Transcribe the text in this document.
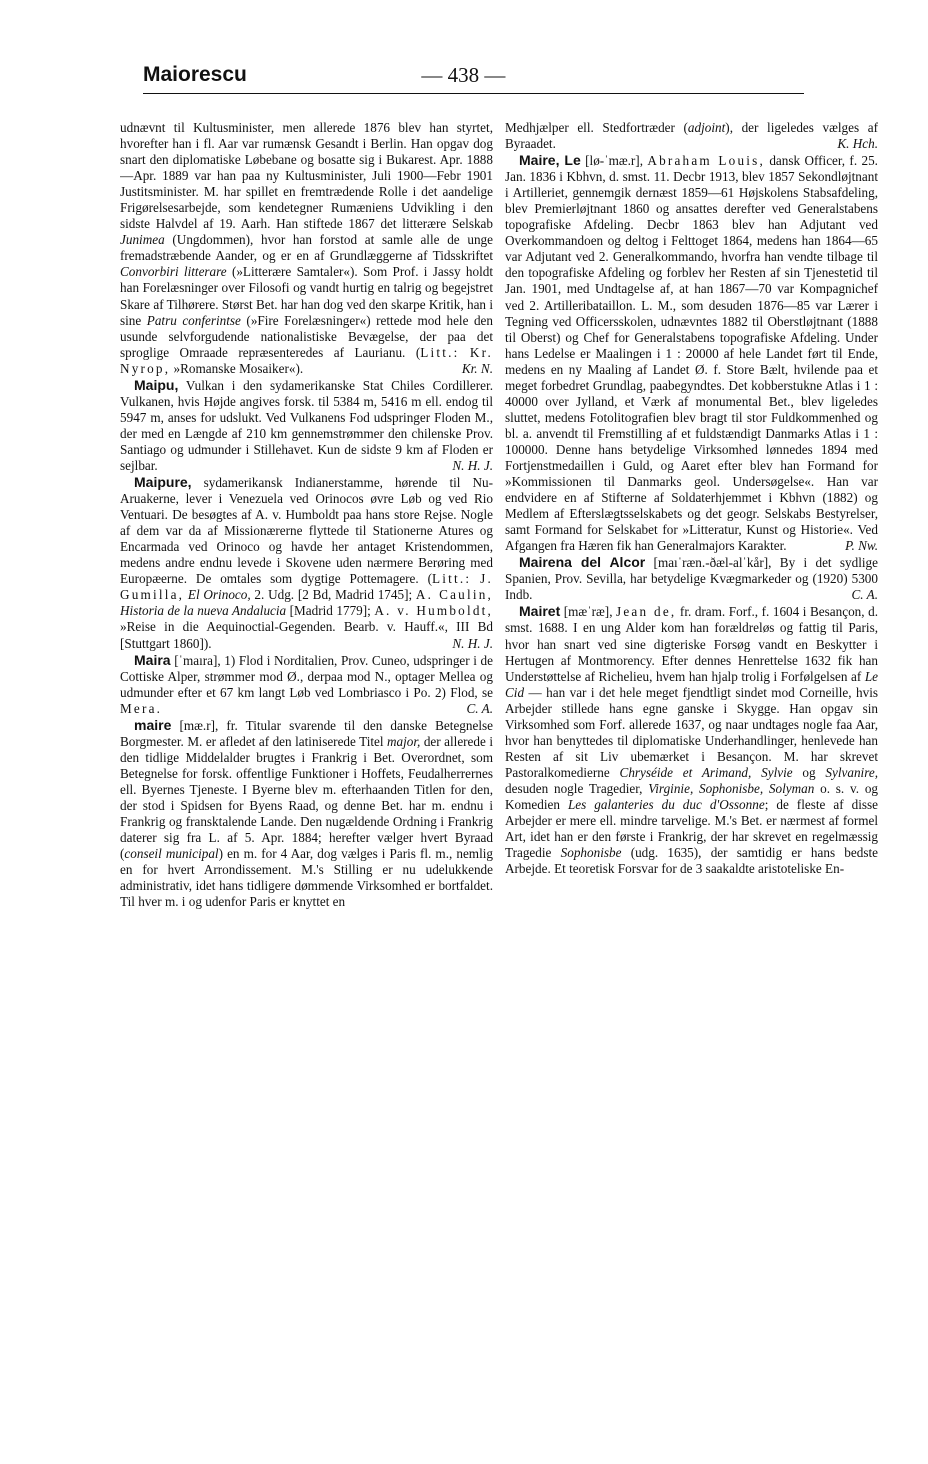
Maiorescu	— 438 —

udnævnt til Kultusminister, men allerede 1876 blev han styrtet, hvorefter han i fl. Aar var rumænsk Gesandt i Berlin. Han opgav dog snart den diplomatiske Løbebane og bosatte sig i Bukarest. Apr. 1888—Apr. 1889 var han paa ny Kultusminister, Juli 1900—Febr 1901 Justitsminister. M. har spillet en fremtrædende Rolle i det aandelige Frigørelsesarbejde, som kendetegner Rumæniens Udvikling i den sidste Halvdel af 19. Aarh. Han stiftede 1867 det litterære Selskab Junimea (Ungdommen), hvor han forstod at samle alle de unge fremadstræbende Aander, og er en af Grundlæggerne af Tidsskriftet Convorbiri litterare (»Litterære Samtaler«). Som Prof. i Jassy holdt han Forelæsninger over Filosofi og vandt hurtig en talrig og begejstret Skare af Tilhørere. Størst Bet. har han dog ved den skarpe Kritik, han i sine Patru conferintse (»Fire Forelæsninger«) rettede mod hele den usunde selvforgudende nationalistiske Bevægelse, der paa det sproglige Omraade repræsenteredes af Laurianu. (Litt.: Kr. Nyrop, »Romanske Mosaiker«).	Kr. N.

Maipu, Vulkan i den sydamerikanske Stat Chiles Cordillerer. Vulkanen, hvis Højde angives forsk. til 5384 m, 5416 m ell. endog til 5947 m, anses for udslukt. Ved Vulkanens Fod udspringer Floden M., der med en Længde af 210 km gennemstrømmer den chilenske Prov. Santiago og udmunder i Stillehavet. Kun de sidste 9 km af Floden er sejlbar.	N. H. J.

Maipure, sydamerikansk Indianerstamme, hørende til Nu-Aruakerne, lever i Venezuela ved Orinocos øvre Løb og ved Rio Ventuari. De besøgtes af A. v. Humboldt paa hans store Rejse. Nogle af dem var da af Missionærerne flyttede til Stationerne Atures og Encarmada ved Orinoco og havde her antaget Kristendommen, medens andre endnu levede i Skovene uden nærmere Berøring med Europæerne. De omtales som dygtige Pottemagere. (Litt.: J. Gumilla, El Orinoco, 2. Udg. [2 Bd, Madrid 1745]; A. Caulin, Historia de la nueva Andalucia [Madrid 1779]; A. v. Humboldt, »Reise in die Aequinoctial-Gegenden. Bearb. v. Hauff.«, III Bd [Stuttgart 1860]).	N. H. J.

Maira [ˈmaıra], 1) Flod i Norditalien, Prov. Cuneo, udspringer i de Cottiske Alper, strømmer mod Ø., derpaa mod N., optager Mellea og udmunder efter et 67 km langt Løb ved Lombriasco i Po. 2) Flod, se Mera.	C. A.

maire [mæ.r], fr. Titular svarende til den danske Betegnelse Borgmester. M. er afledet af den latiniserede Titel major, der allerede i den tidlige Middelalder brugtes i Frankrig i Bet. Overordnet, som Betegnelse for forsk. offentlige Funktioner i Hoffets, Feudalherrernes ell. Byernes Tjeneste. I Byerne blev m. efterhaanden Titlen for den, der stod i Spidsen for Byens Raad, og denne Bet. har m. endnu i Frankrig og fransktalende Lande. Den nugældende Ordning i Frankrig daterer sig fra L. af 5. Apr. 1884; herefter vælger hvert Byraad (conseil municipal) en m. for 4 Aar, dog vælges i Paris fl. m., nemlig en for hvert Arrondissement. M.'s Stilling er nu udelukkende administrativ, idet hans tidligere dømmende Virksomhed er bortfaldet. Til hver m. i og udenfor Paris er knyttet en

Medhjælper ell. Stedfortræder (adjoint), der ligeledes vælges af Byraadet.	K. Hch.

Maire, Le [lø-ˈmæ.r], Abraham Louis, dansk Officer, f. 25. Jan. 1836 i Kbhvn, d. smst. 11. Decbr 1913, blev 1857 Sekondløjtnant i Artilleriet, gennemgik dernæst 1859—61 Højskolens Stabsafdeling, blev Premierløjtnant 1860 og ansattes derefter ved Generalstabens topografiske Afdeling. Decbr 1863 blev han Adjutant ved Overkommandoen og deltog i Felttoget 1864, medens han 1864—65 var Adjutant ved 2. Generalkommando, hvorfra han vendte tilbage til den topografiske Afdeling og forblev her Resten af sin Tjenestetid til Jan. 1901, med Undtagelse af, at han 1867—70 var Kompagnichef ved 2. Artilleribataillon. L. M., som desuden 1876—85 var Lærer i Tegning ved Officersskolen, udnævntes 1882 til Oberstløjtnant (1888 til Oberst) og Chef for Generalstabens topografiske Afdeling. Under hans Ledelse er Maalingen i 1 : 20000 af hele Landet ført til Ende, medens en ny Maaling af Landet Ø. f. Store Bælt, hvilende paa et meget forbedret Grundlag, paabegyndtes. Det kobberstukne Atlas i 1 : 40000 over Jylland, et Værk af monumental Bet., blev ligeledes sluttet, medens Fotolitografien blev bragt til stor Fuldkommenhed og bl. a. anvendt til Fremstilling af et fuldstændigt Danmarks Atlas i 1 : 100000. Denne hans betydelige Virksomhed lønnedes 1894 med Fortjenstmedaillen i Guld, og Aaret efter blev han Formand for »Kommissionen til Danmarks geol. Undersøgelse«. Han var endvidere en af Stifterne af Soldaterhjemmet i Kbhvn (1882) og Medlem af Efterslægtsselskabets og det geogr. Selskabs Bestyrelser, samt Formand for Selskabet for »Litteratur, Kunst og Historie«. Ved Afgangen fra Hæren fik han Generalmajors Karakter.	P. Nw.

Mairena del Alcor [maıˈræn.-ðæl-alˈkår], By i det sydlige Spanien, Prov. Sevilla, har betydelige Kvægmarkeder og (1920) 5300 Indb.	C. A.

Mairet [mæˈræ], Jean de, fr. dram. Forf., f. 1604 i Besançon, d. smst. 1688. I en ung Alder kom han forældreløs og fattig til Paris, hvor han snart ved sine digteriske Forsøg vandt en Beskytter i Hertugen af Montmorency. Efter dennes Henrettelse 1632 fik han Understøttelse af Richelieu, hvem han hjalp trolig i Forfølgelsen af Le Cid — han var i det hele meget fjendtligt sindet mod Corneille, hvis Arbejder stillede hans egne ganske i Skygge. Han opgav sin Virksomhed som Forf. allerede 1637, og naar undtages nogle faa Aar, hvor han benyttedes til diplomatiske Underhandlinger, henlevede han Resten af sit Liv ubemærket i Besançon. M. har skrevet Pastoralkomedierne Chryséide et Arimand, Sylvie og Sylvanire, desuden nogle Tragedier, Virginie, Sophonisbe, Solyman o. s. v. og Komedien Les galanteries du duc d'Ossonne; de fleste af disse Arbejder er mere ell. mindre tarvelige. M.'s Bet. er nærmest af formel Art, idet han er den første i Frankrig, der har skrevet en regelmæssig Tragedie Sophonisbe (udg. 1635), der samtidig er hans bedste Arbejde. Et teoretisk Forsvar for de 3 saakaldte aristoteliske En-
